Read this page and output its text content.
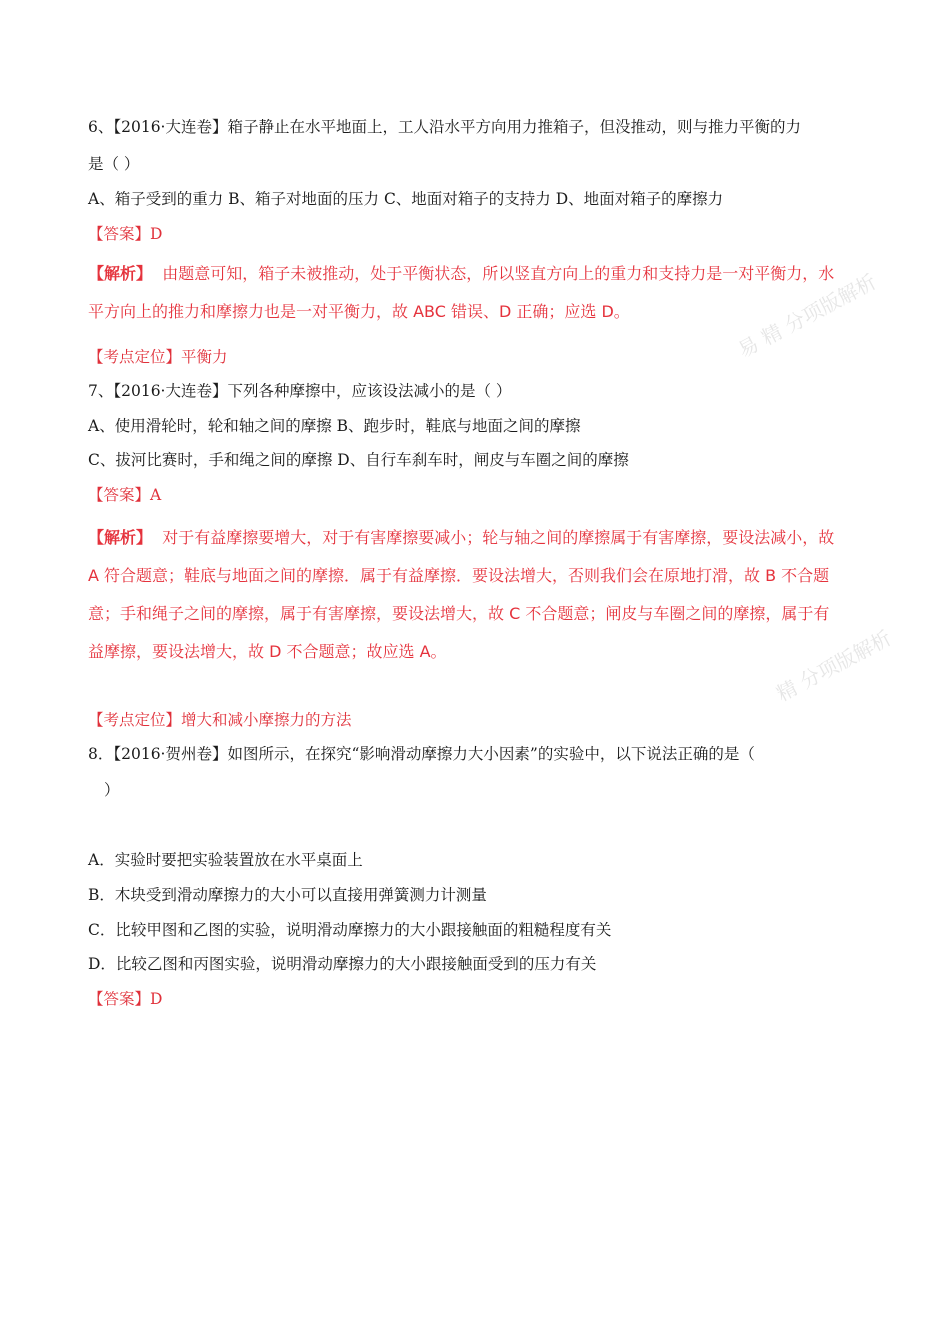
易 精 分项版解析
精 分项版解析
6、【2016·大连卷】箱子静止在水平地面上，工人沿水平方向用力推箱子，但没推动，则与推力平衡的力
是（ ）
A、箱子受到的重力 B、箱子对地面的压力 C、地面对箱子的支持力 D、地面对箱子的摩擦力
【答案】D
【解析】 由题意可知，箱子未被推动，处于平衡状态，所以竖直方向上的重力和支持力是一对平衡力，水
平方向上的推力和摩擦力也是一对平衡力，故 ABC 错误、D 正确；应选 D。
【考点定位】平衡力
7、【2016·大连卷】下列各种摩擦中，应该设法减小的是（ ）
A、使用滑轮时，轮和轴之间的摩擦 B、跑步时，鞋底与地面之间的摩擦
C、拔河比赛时，手和绳之间的摩擦 D、自行车刹车时，闸皮与车圈之间的摩擦
【答案】A
【解析】 对于有益摩擦要增大，对于有害摩擦要减小；轮与轴之间的摩擦属于有害摩擦，要设法减小，故
A 符合题意；鞋底与地面之间的摩擦．属于有益摩擦．要设法增大，否则我们会在原地打滑，故 B 不合题
意；手和绳子之间的摩擦，属于有害摩擦，要设法增大，故 C 不合题意；闸皮与车圈之间的摩擦，属于有
益摩擦，要设法增大，故 D 不合题意；故应选 A。
【考点定位】增大和减小摩擦力的方法
8．【2016·贺州卷】如图所示，在探究“影响滑动摩擦力大小因素”的实验中，以下说法正确的是（
）
A．实验时要把实验装置放在水平桌面上
B．木块受到滑动摩擦力的大小可以直接用弹簧测力计测量
C．比较甲图和乙图的实验，说明滑动摩擦力的大小跟接触面的粗糙程度有关
D．比较乙图和丙图实验，说明滑动摩擦力的大小跟接触面受到的压力有关
【答案】D
